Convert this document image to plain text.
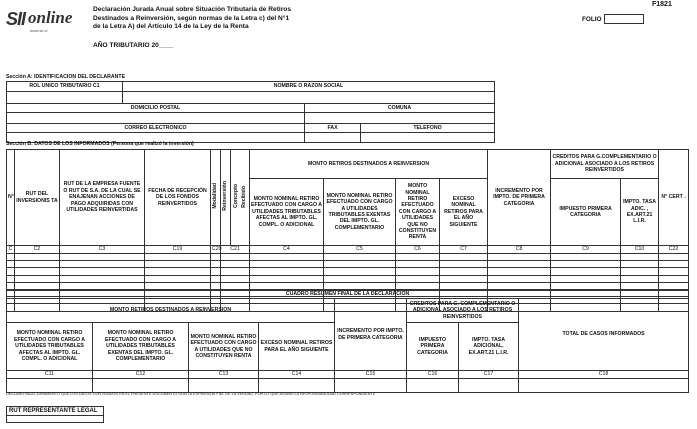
SII online
www.sii.cl
F1821
Declaración Jurada Anual sobre Situación Tributaria de Retiros
Destinados a Reinversión, según normas de la Letra c) del N°1
de la Letra A) del Artículo 14 de la Ley de la Renta
AÑO TRIBUTARIO 20____
FOLIO
Sección A: IDENTIFICACION DEL DECLARANTE
ROL UNICO TRIBUTARIO C1	NOMBRE O RAZON SOCIAL		

DOMICILIO POSTAL		COMUNA	

CORREO ELECTRONICO		FAX	TELEFONO

Sección B: DATOS DE LOS INFORMADOS (Persona que realizó la inversión)
N°	RUT DEL INVERSIONIS TA	RUT DE LA EMPRESA FUENTE O RUT DE S.A. DE LA CUAL SE ENAJENAN ACCIONES DE PAGO ADQUIRIDAS CON UTILIDADES REINVERTIDAS	FECHA DE RECEPCIÓN DE LOS FONDOS REINVERTIDOS	Modalidad	Reinversión	Concepto Recibido	MONTO RETIROS DESTINADOS A REINVERSION				INCREMENTO POR IMPTO. DE PRIMERA CATEGORIA	CREDITOS PARA G.COMPLEMENTARIO O ADICIONAL ASOCIADO A LOS RETIROS REINVERTIDOS		N° CERT .
							MONTO NOMINAL RETIRO EFECTUADO CON CARGO A UTILIDADES TRIBUTABLES AFECTAS AL IMPTO. GL. COMPL. O ADICIONAL	MONTO NOMINAL RETIRO EFECTUADO CON CARGO A UTILIDADES TRIBUTABLES EXENTAS DEL IMPTO. GL. COMPLEMENTARIO	MONTO NOMINAL RETIRO EFECTUADO CON CARGO A UTILIDADES QUE NO CONSTITUYEN RENTA	EXCESO NOMINAL RETIROS PARA EL AÑO SIGUIENTE		IMPUESTO PRIMERA CATEGORIA	IMPTO. TASA ADIC. , EX.ART.21 L.I.R.	
C	C2	C3	C19	C20	C21		C4	C5	C6	C7	C8	C9	C10	C22

CUADRO RESUMEN FINAL DE LA DECLARACION							
MONTO RETIROS DESTINADOS A REINVERSION				INCREMENTO POR IMPTO. DE PRIMERA CATEGORIA	CREDITOS PARA G. COMPLEMENTARIO O ADICIONAL ASOCIADO A LOS RETIROS REINVERTIDOS		TOTAL DE CASOS INFORMADOS
MONTO NOMINAL RETIRO EFECTUADO CON CARGO A UTILIDADES TRIBUTABLES AFECTAS AL IMPTO. GL. COMPL. O ADICIONAL	MONTO NOMINAL RETIRO EFECTUADO CON CARGO A UTILIDADES TRIBUTABLES EXENTAS DEL IMPTO. GL. COMPLEMENTARIO	MONTO NOMINAL RETIRO EFECTUADO CON CARGO A UTILIDADES QUE NO CONSTITUYEN RENTA	EXCESO NOMINAL RETIROS PARA EL AÑO SIGUIENTE		IMPUESTO PRIMERA CATEGORIA	IMPTO. TASA ADICIONAL, EX.ART.21 L.I.R.	
C11	C12	C13	C14	C15	C16	C17	C18

DECLARO BAJO JURAMENTO QUE LOS DATOS CONTENIDOS EN EL PRESENTE DOCUMENTO SON LA EXPRESION FIEL DE LA VERDAD, POR LO QUE ASUMO LA RESPONSABILIDAD CORRESPONDIENTE
RUT REPRESENTANTE LEGAL
